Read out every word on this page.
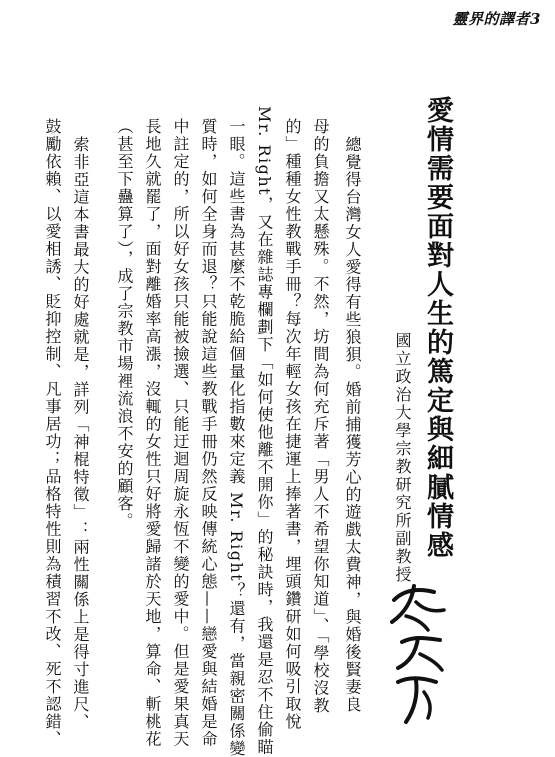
靈界的譯者3
愛情需要面對人生的篤定與細膩情感
國立政治大學宗教研究所副教授
總覺得台灣女人愛得有些狼狽。婚前捕獲芳心的遊戲太費神，與婚後賢妻良
母的負擔又太懸殊。不然，坊間為何充斥著「男人不希望你知道」、「學校沒教
的」種種女性教戰手冊？每次年輕女孩在捷運上捧著書，埋頭鑽研如何吸引取悅
Mr. Right，又在雜誌專欄劃下「如何使他離不開你」的秘訣時，我還是忍不住偷瞄
一眼。這些書為甚麼不乾脆給個量化指數來定義 Mr. Right？還有，當親密關係變
質時，如何全身而退？只能說這些教戰手冊仍然反映傳統心態——戀愛與結婚是命
中註定的，所以好女孩只能被撿選、只能迂迴周旋永恆不變的愛中。但是愛果真天
長地久就罷了，面對離婚率高漲，沒輒的女性只好將愛歸諸於天地，算命、斬桃花
（甚至下蠱算了），成了宗教市場裡流浪不安的顧客。
索非亞這本書最大的好處就是，詳列「神棍特徵」：兩性關係上是得寸進尺、
鼓勵依賴、以愛相誘、貶抑控制、凡事居功；品格特性則為積習不改、死不認錯、
